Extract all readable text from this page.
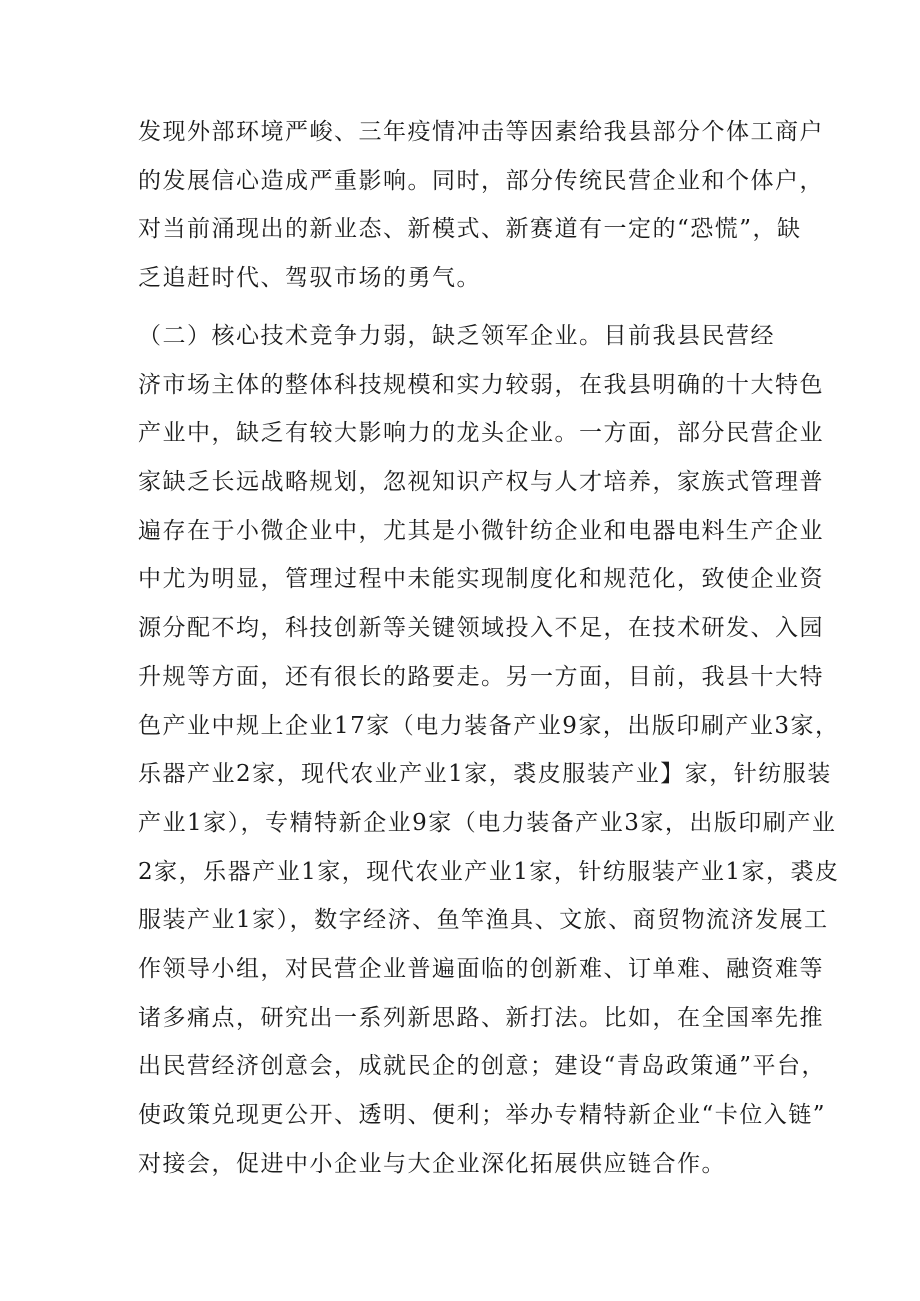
发现外部环境严峻、三年疫情冲击等因素给我县部分个体工商户
的发展信心造成严重影响。同时，部分传统民营企业和个体户，
对当前涌现出的新业态、新模式、新赛道有一定的“恐慌”，缺
乏追赶时代、驾驭市场的勇气。
（二）核心技术竞争力弱，缺乏领军企业。目前我县民营经
济市场主体的整体科技规模和实力较弱，在我县明确的十大特色
产业中，缺乏有较大影响力的龙头企业。一方面，部分民营企业
家缺乏长远战略规划，忽视知识产权与人才培养，家族式管理普
遍存在于小微企业中，尤其是小微针纺企业和电器电料生产企业
中尤为明显，管理过程中未能实现制度化和规范化，致使企业资
源分配不均，科技创新等关键领域投入不足，在技术研发、入园
升规等方面，还有很长的路要走。另一方面，目前，我县十大特
色产业中规上企业17家（电力装备产业9家，出版印刷产业3家，
乐器产业2家，现代农业产业1家，裘皮服装产业】家，针纺服装
产业1家），专精特新企业9家（电力装备产业3家，出版印刷产业
2家，乐器产业1家，现代农业产业1家，针纺服装产业1家，裘皮
服装产业1家），数字经济、鱼竿渔具、文旅、商贸物流济发展工
作领导小组，对民营企业普遍面临的创新难、订单难、融资难等
诸多痛点，研究出一系列新思路、新打法。比如，在全国率先推
出民营经济创意会，成就民企的创意；建设“青岛政策通”平台，
使政策兑现更公开、透明、便利；举办专精特新企业“卡位入链”
对接会，促进中小企业与大企业深化拓展供应链合作。
